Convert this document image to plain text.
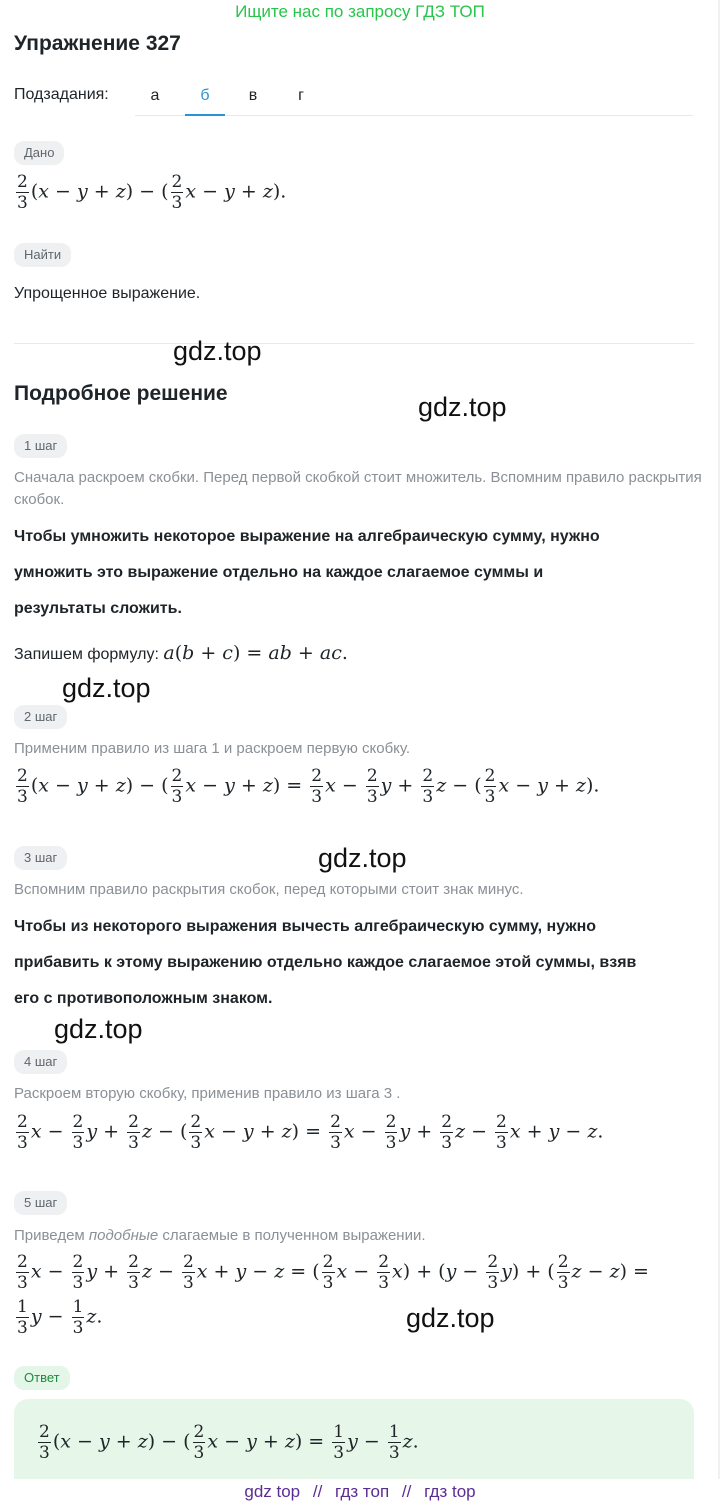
Ищите нас по запросу ГДЗ ТОП
Упражнение 327
Подзадания:	а	б	в	г
Дано
$\frac{2}{3} (x - y + z)$ − ( $\frac{2}{3}$ x − y + z).
Найти
Упрощенное выражение.
gdz.top
Подробное решение	gdz.top
1 шаг
Сначала раскроем скобки. Перед первой скобкой стоит множитель. Вспомним правило раскрытия скобок.
Чтобы умножить некоторое выражение на алгебраическую сумму, нужно
умножить это выражение отдельно на каждое слагаемое суммы и
результаты сложить.
Запишем формулу: a(b + c) = ab + ac.
gdz.top
2 шаг
Применим правило из шага 1 и раскроем первую скобку.
$\frac{2}{3} (x - y + z)$ − ( $\frac{2}{3}$ $x - y + z) = \frac{2}{3}$ $x - \frac{2}{3}$ $y + \frac{2}{3}$ z − ( $\frac{2}{3}$ x − y + z).
3 шаг	gdz.top
Вспомним правило раскрытия скобок, перед которыми стоит знак минус.
Чтобы из некоторого выражения вычесть алгебраическую сумму, нужно
прибавить к этому выражению отдельно каждое слагаемое этой суммы, взяв
его с противоположным знаком.
gdz.top
4 шаг
Раскроем вторую скобку, применив правило из шага 3 .
$\frac{2}{3}$ $x - \frac{2}{3}$ $y + \frac{2}{3}$ z − ( $\frac{2}{3}$ $x - y + z) = \frac{2}{3}$ $x - \frac{2}{3}$ $y + \frac{2}{3}$ $z - \frac{2}{3}$ x + y − z.
5 шаг
Приведем подобные слагаемые в полученном выражении.
$\frac{2}{3}$ $x - \frac{2}{3}$ $y + \frac{2}{3}$ $z - \frac{2}{3}$ x + y − z = ( $\frac{2}{3}$ $x - \frac{2}{3} x) + (y - \frac{2}{3} y)$ + ( $\frac{2}{3}$ z − z) =
$\frac{1}{3}$ $y - \frac{1}{3} z$.	gdz.top
Ответ
$\frac{2}{3} (x - y + z)$ − ( $\frac{2}{3}$ $x - y + z) = \frac{1}{3}$ $y - \frac{1}{3} z$.
gdz top // гдз топ // гдз top
